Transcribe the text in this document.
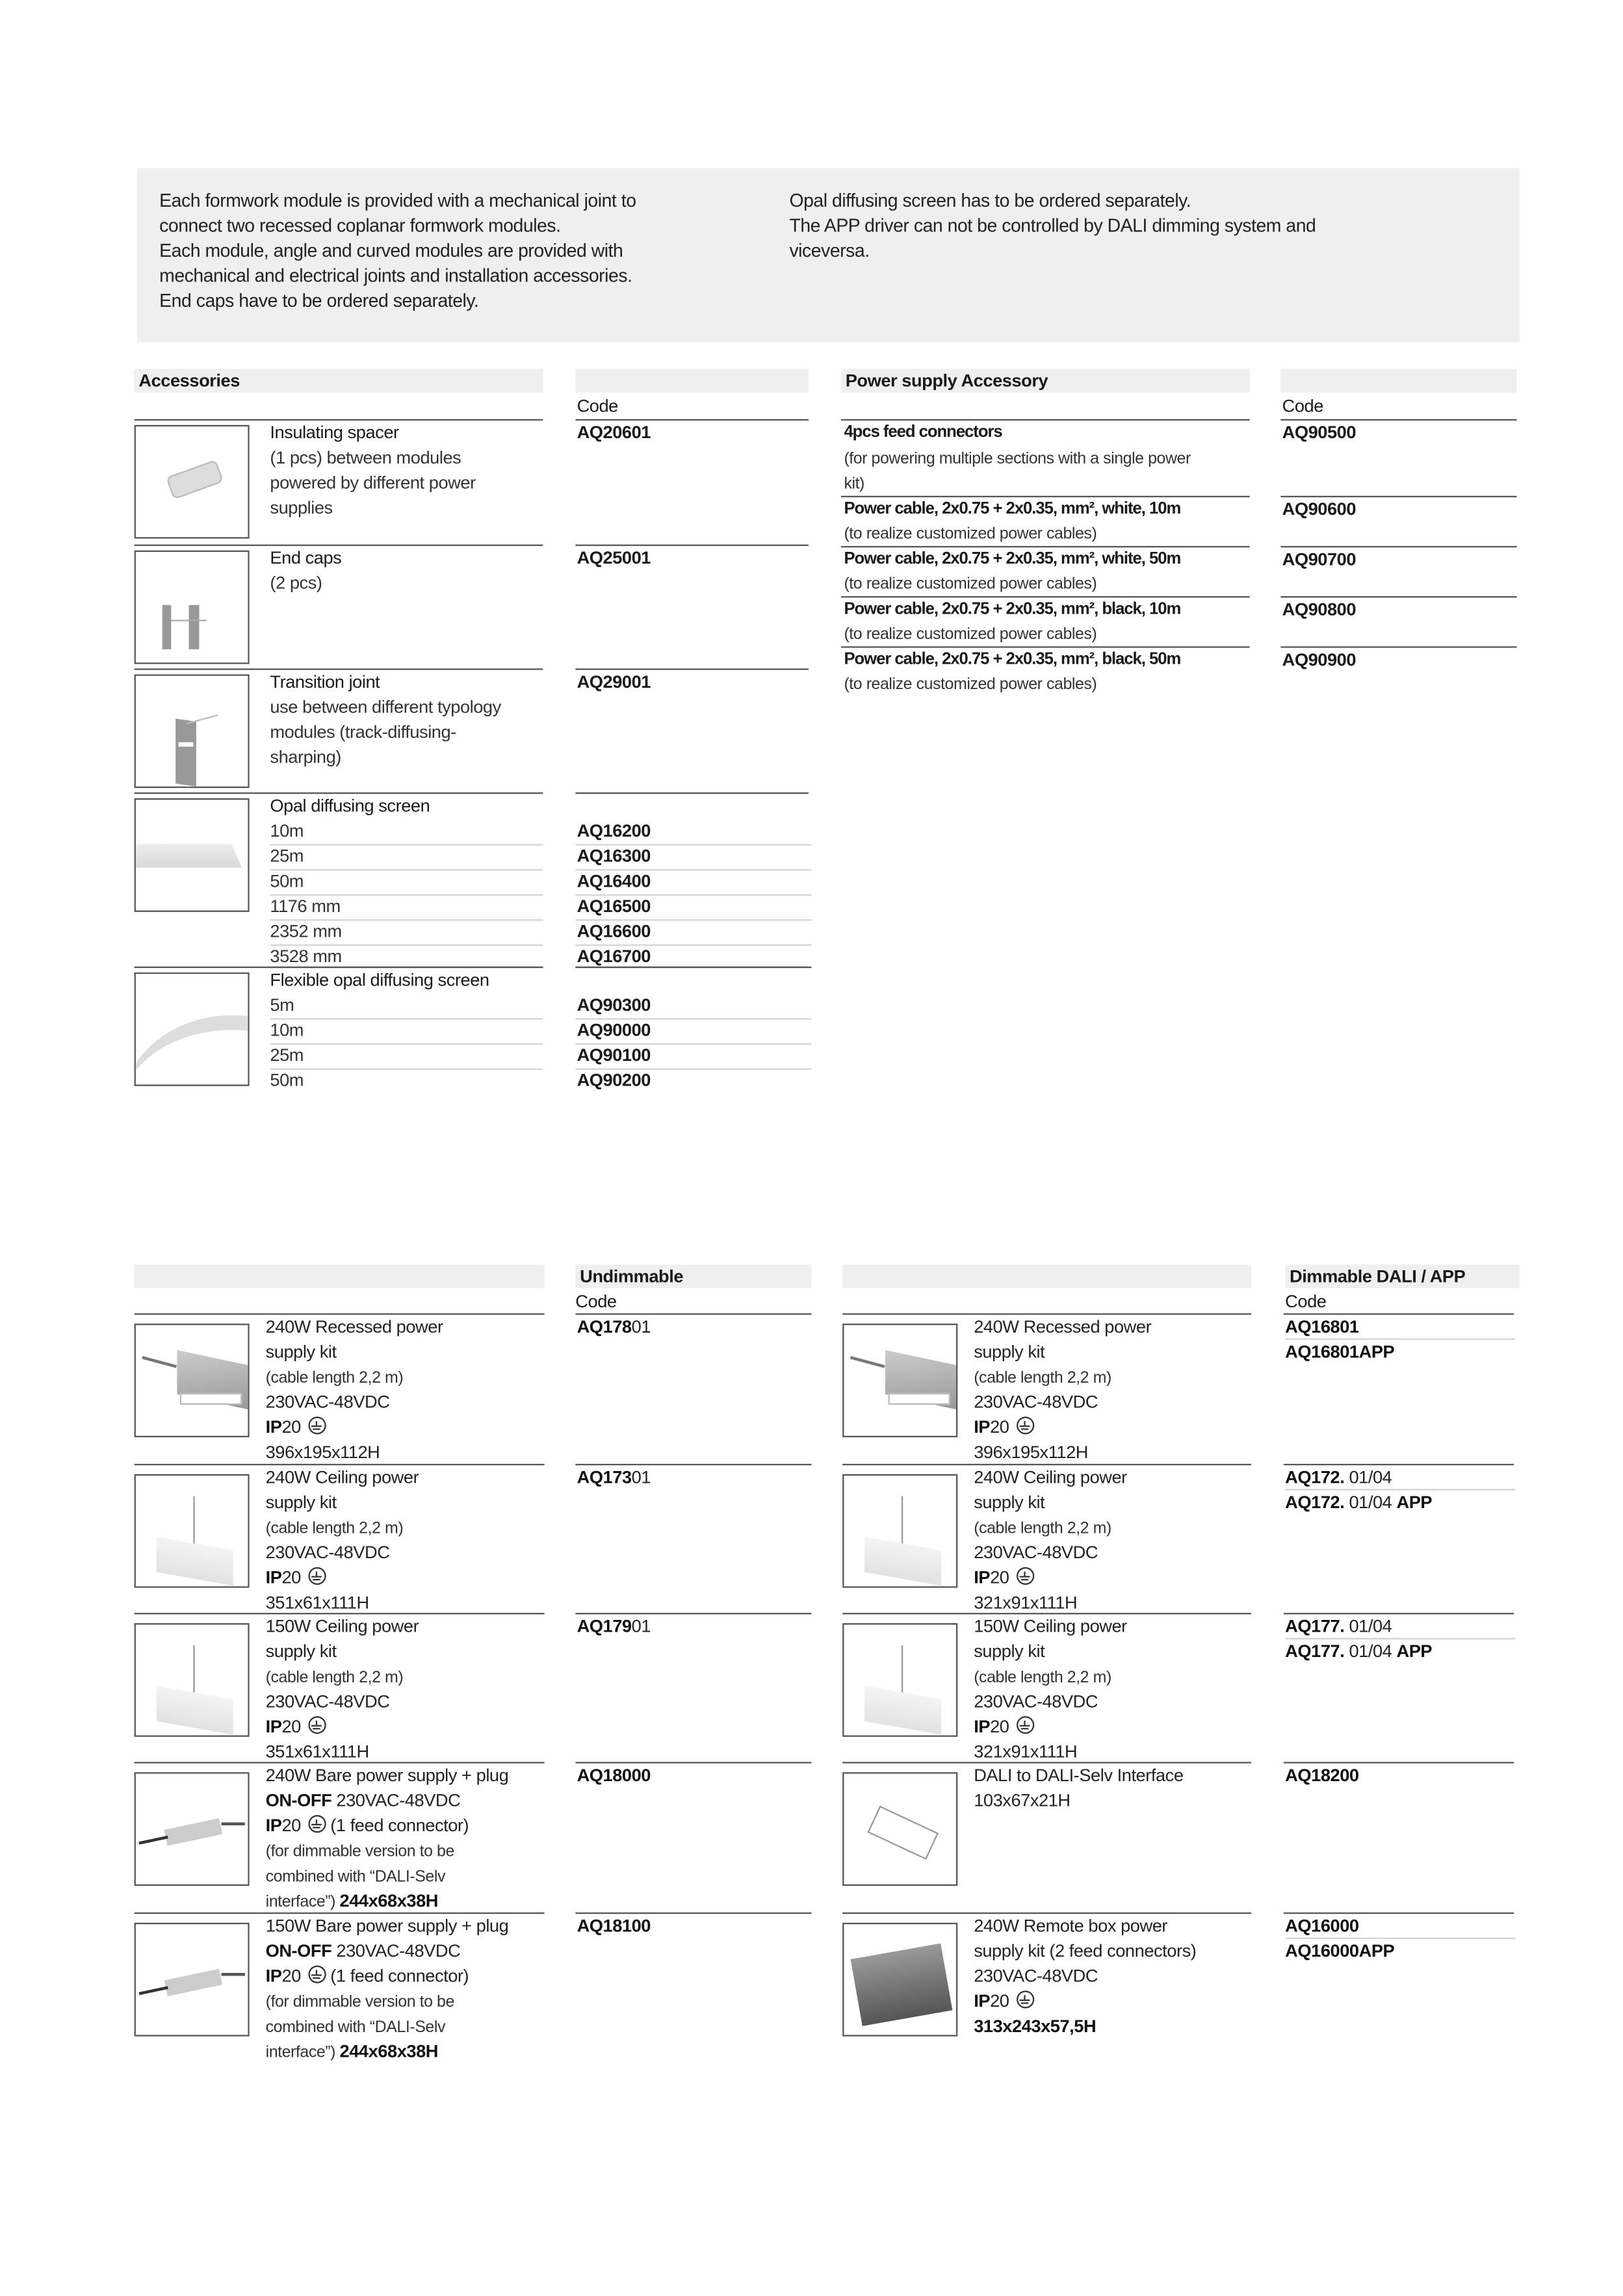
Each formwork module is provided with a mechanical joint to
connect two recessed coplanar formwork modules.
Each module, angle and curved modules are provided with
mechanical and electrical joints and installation accessories.
End caps have to be ordered separately.
Opal diffusing screen has to be ordered separately.
The APP driver can not be controlled by DALI dimming system and
viceversa.
Accessories
Code
Power supply Accessory
Code
Undimmable
Code
Dimmable DALI / APP
Code
Insulating spacer
(1 pcs) between modules
powered by different power
supplies
AQ20601
End caps
(2 pcs)
AQ25001
Transition joint
use between different typology
modules (track-diffusing-
sharping)
AQ29001
Opal diffusing screen
10m	AQ16200
25m	AQ16300
50m	AQ16400
1176 mm	AQ16500
2352 mm	AQ16600
3528 mm	AQ16700
Flexible opal diffusing screen
5m	AQ90300
10m	AQ90000
25m	AQ90100
50m	AQ90200
4pcs feed connectors
(for powering multiple sections with a single power kit)
AQ90500
Power cable, 2x0.75 + 2x0.35, mm², white, 10m
(to realize customized power cables)
AQ90600
Power cable, 2x0.75 + 2x0.35, mm², white, 50m
(to realize customized power cables)
AQ90700
Power cable, 2x0.75 + 2x0.35, mm², black, 10m
(to realize customized power cables)
AQ90800
Power cable, 2x0.75 + 2x0.35, mm², black, 50m
(to realize customized power cables)
AQ90900
240W Recessed power
supply kit
(cable length 2,2 m)
230VAC-48VDC
IP20
396x195x112H
AQ17801
240W Ceiling power
supply kit
(cable length 2,2 m)
230VAC-48VDC
IP20
351x61x111H
AQ17301
150W Ceiling power
supply kit
(cable length 2,2 m)
230VAC-48VDC
IP20
351x61x111H
AQ17901
240W Bare power supply + plug
ON-OFF 230VAC-48VDC
IP20	(1 feed connector)
(for dimmable version to be
combined with “DALI-Selv
interface”) 244x68x38H
AQ18000
150W Bare power supply + plug
ON-OFF 230VAC-48VDC
IP20	(1 feed connector)
(for dimmable version to be
combined with “DALI-Selv
interface”) 244x68x38H
AQ18100
240W Recessed power
supply kit
(cable length 2,2 m)
230VAC-48VDC
IP20
396x195x112H
AQ16801
AQ16801APP
240W Ceiling power
supply kit
(cable length 2,2 m)
230VAC-48VDC
IP20
321x91x111H
AQ172. 01/04
AQ172. 01/04 APP
150W Ceiling power
supply kit
(cable length 2,2 m)
230VAC-48VDC
IP20
321x91x111H
AQ177. 01/04
AQ177. 01/04 APP
DALI to DALI-Selv Interface
103x67x21H
AQ18200
240W Remote box power
supply kit (2 feed connectors)
230VAC-48VDC
IP20
313x243x57,5H
AQ16000
AQ16000APP
